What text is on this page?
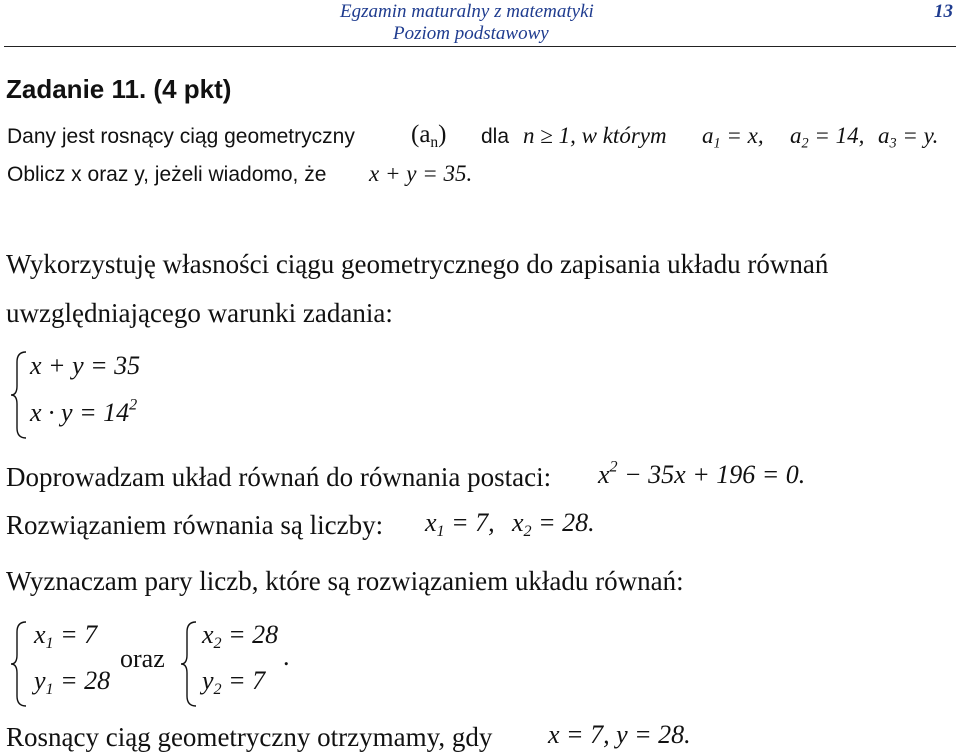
Egzamin maturalny z matematyki
Poziom podstawowy
13
Zadanie 11. (4 pkt)
Dany jest rosnący ciąg geometryczny $(a_n)$ dla n ≥ 1, w którym $a_1 = x$, $a_2 = 14$, $a_3 = y$.
Oblicz x oraz y, jeżeli wiadomo, że x + y = 35.
Wykorzystuję własności ciągu geometrycznego do zapisania układu równań
uwzględniającego warunki zadania:
x + y = 35
$x \cdot y = 14^2$
Doprowadzam układ równań do równania postaci: $x^2 - 35x + 196 = 0$.
Rozwiązaniem równania są liczby: $x_1 = 7$, $x_2 = 28$.
Wyznaczam pary liczb, które są rozwiązaniem układu równań:
$x_1 = 7$
$y_1 = 28$
oraz
$x_2 = 28$
$y_2 = 7$
.
Rosnący ciąg geometryczny otrzymamy, gdy x = 7, y = 28.
